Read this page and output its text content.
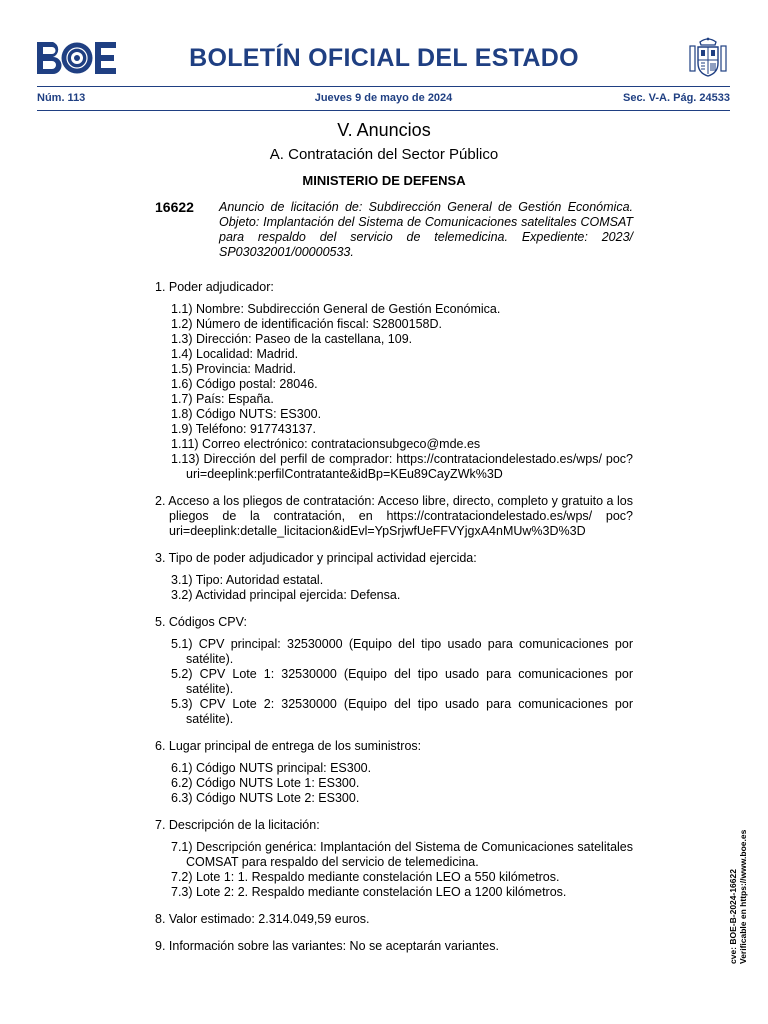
BOLETÍN OFICIAL DEL ESTADO
Núm. 113	Jueves 9 de mayo de 2024	Sec. V-A. Pág. 24533
V. Anuncios
A. Contratación del Sector Público
MINISTERIO DE DEFENSA
16622 Anuncio de licitación de: Subdirección General de Gestión Económica. Objeto: Implantación del Sistema de Comunicaciones satelitales COMSAT para respaldo del servicio de telemedicina. Expediente: 2023/ SP03032001/00000533.

1. Poder adjudicador:

1.1) Nombre: Subdirección General de Gestión Económica.
1.2) Número de identificación fiscal: S2800158D.
1.3) Dirección: Paseo de la castellana, 109.
1.4) Localidad: Madrid.
1.5) Provincia: Madrid.
1.6) Código postal: 28046.
1.7) País: España.
1.8) Código NUTS: ES300.
1.9) Teléfono: 917743137.
1.11) Correo electrónico: contratacionsubgeco@mde.es
1.13) Dirección del perfil de comprador: https://contrataciondelestado.es/wps/ poc?uri=deeplink:perfilContratante&idBp=KEu89CayZWk%3D

2. Acceso a los pliegos de contratación: Acceso libre, directo, completo y gratuito a los pliegos de la contratación, en https://contrataciondelestado.es/wps/ poc?uri=deeplink:detalle_licitacion&idEvl=YpSrjwfUeFFVYjgxA4nMUw%3D%3D

3. Tipo de poder adjudicador y principal actividad ejercida:

3.1) Tipo: Autoridad estatal.
3.2) Actividad principal ejercida: Defensa.

5. Códigos CPV:

5.1) CPV principal: 32530000 (Equipo del tipo usado para comunicaciones por satélite).
5.2) CPV Lote 1: 32530000 (Equipo del tipo usado para comunicaciones por satélite).
5.3) CPV Lote 2: 32530000 (Equipo del tipo usado para comunicaciones por satélite).

6. Lugar principal de entrega de los suministros:

6.1) Código NUTS principal: ES300.
6.2) Código NUTS Lote 1: ES300.
6.3) Código NUTS Lote 2: ES300.

7. Descripción de la licitación:

7.1) Descripción genérica: Implantación del Sistema de Comunicaciones satelitales COMSAT para respaldo del servicio de telemedicina.
7.2) Lote 1: 1. Respaldo mediante constelación LEO a 550 kilómetros.
7.3) Lote 2: 2. Respaldo mediante constelación LEO a 1200 kilómetros.

8. Valor estimado: 2.314.049,59 euros.

9. Información sobre las variantes: No se aceptarán variantes.	cve: BOE-B-2024-16622 Verificable en https://www.boe.es
